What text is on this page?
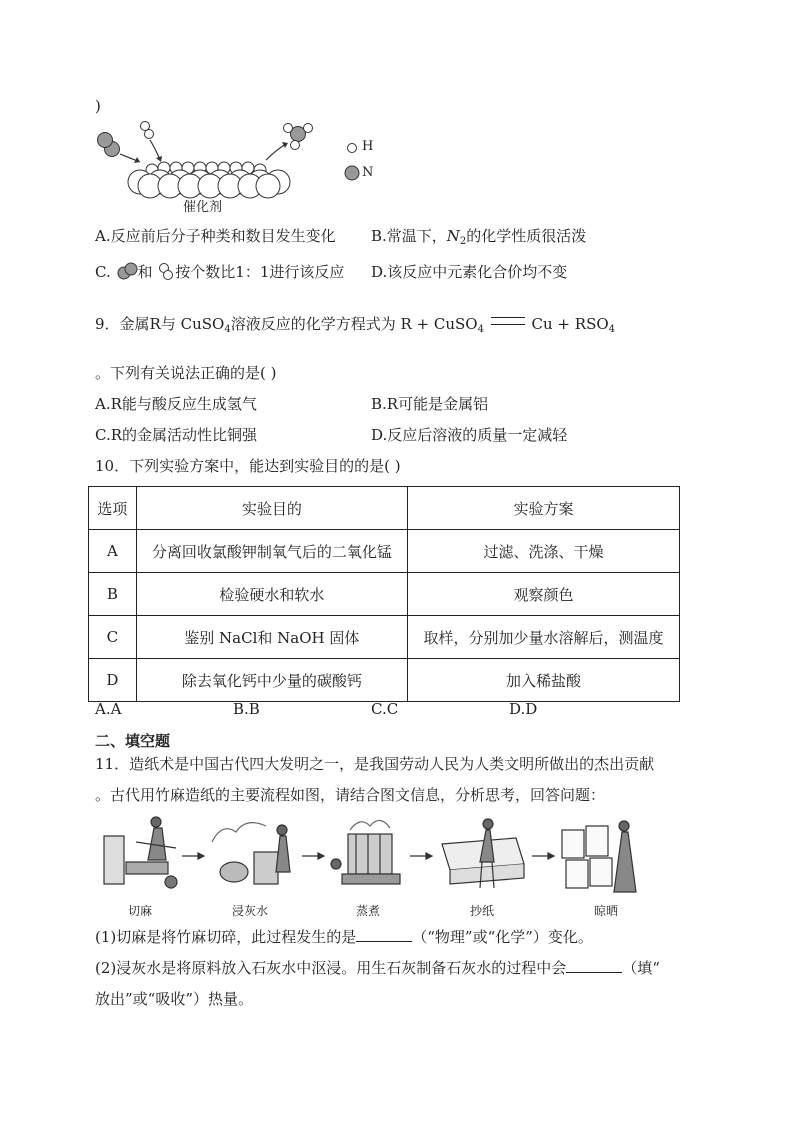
)
H
N
催化剂
A.反应前后分子种类和数目发生变化 B.常温下，$N_2$的化学性质很活泼
C. 和 按个数比1：1进行该反应 D.该反应中元素化合价均不变
9．金属R与 CuSO$_4$溶液反应的化学方程式为 R + CuSO$_4$	$Cu + RSO_4$
。下列有关说法正确的是( )
A.R能与酸反应生成氢气	B.R可能是金属铝
C.R的金属活动性比铜强	D.反应后溶液的质量一定减轻
10．下列实验方案中，能达到实验目的的是( )
选项	实验目的	实验方案
A	分离回收氯酸钾制氧气后的二氧化锰	过滤、洗涤、干燥
B	检验硬水和软水	观察颜色
C	鉴别 NaCl和 NaOH 固体	取样，分别加少量水溶解后，测温度
D	除去氧化钙中少量的碳酸钙	加入稀盐酸
A.A	B.B	C.C	D.D
二、填空题
11．造纸术是中国古代四大发明之一，是我国劳动人民为人类文明所做出的杰出贡献
。古代用竹麻造纸的主要流程如图，请结合图文信息，分析思考，回答问题：
切麻	浸灰水	蒸煮	抄纸	晾晒
(1)切麻是将竹麻切碎，此过程发生的是	（“物理”或“化学”）变化。
(2)浸灰水是将原料放入石灰水中沤浸。用生石灰制备石灰水的过程中会	（填“
放出”或“吸收”）热量。
